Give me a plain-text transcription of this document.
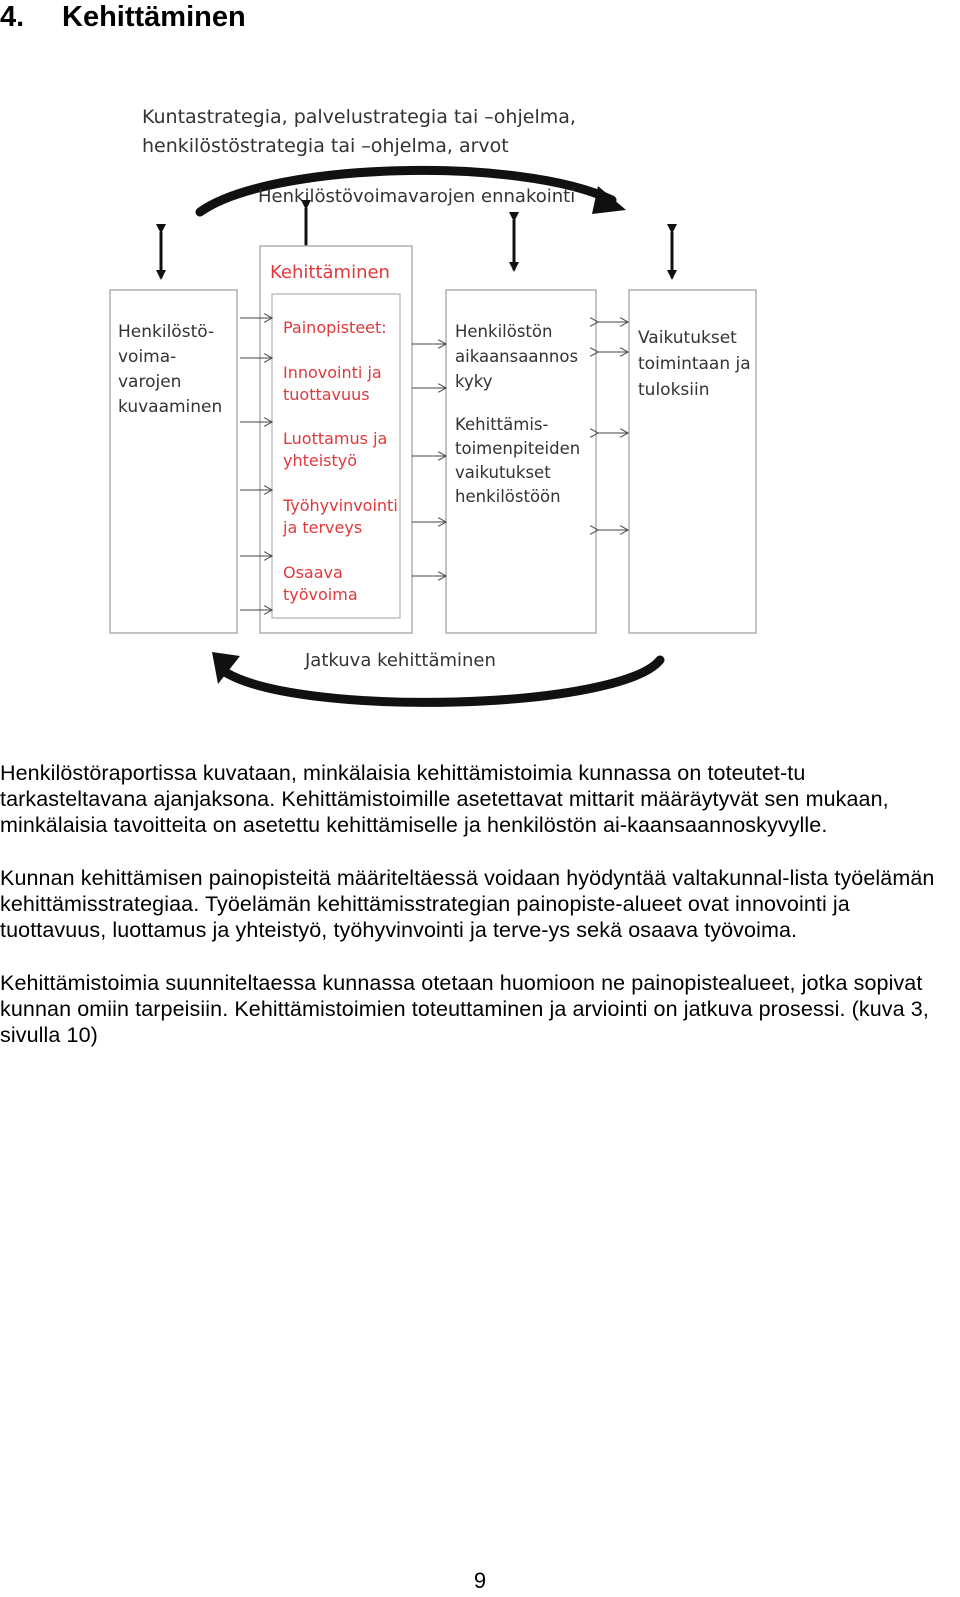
4. Kehittäminen
Kuntastrategia, palvelustrategia tai –ohjelma,
henkilöstöstrategia tai –ohjelma, arvot
Henkilöstövoimavarojen ennakointi
Henkilöstö-
voima-
varojen
kuvaaminen
Kehittäminen
Painopisteet:
Innovointi ja
tuottavuus
Luottamus ja
yhteistyö
Työhyvinvointi
ja terveys
Osaava
työvoima
Henkilöstön
aikaansaannos
kyky
Kehittämis-
toimenpiteiden
vaikutukset
henkilöstöön
Vaikutukset
toimintaan ja
tuloksiin
Jatkuva kehittäminen

Henkilöstöraportissa kuvataan, minkälaisia kehittämistoimia kunnassa on toteutet-tu tarkasteltavana ajanjaksona. Kehittämistoimille asetettavat mittarit määräytyvät sen mukaan, minkälaisia tavoitteita on asetettu kehittämiselle ja henkilöstön ai-kaansaannoskyvylle.

Kunnan kehittämisen painopisteitä määriteltäessä voidaan hyödyntää valtakunnal-lista työelämän kehittämisstrategiaa. Työelämän kehittämisstrategian painopiste-alueet ovat innovointi ja tuottavuus, luottamus ja yhteistyö, työhyvinvointi ja terve-ys sekä osaava työvoima.

Kehittämistoimia suunniteltaessa kunnassa otetaan huomioon ne painopistealueet, jotka sopivat kunnan omiin tarpeisiin. Kehittämistoimien toteuttaminen ja arviointi on jatkuva prosessi. (kuva 3, sivulla 10)

9
